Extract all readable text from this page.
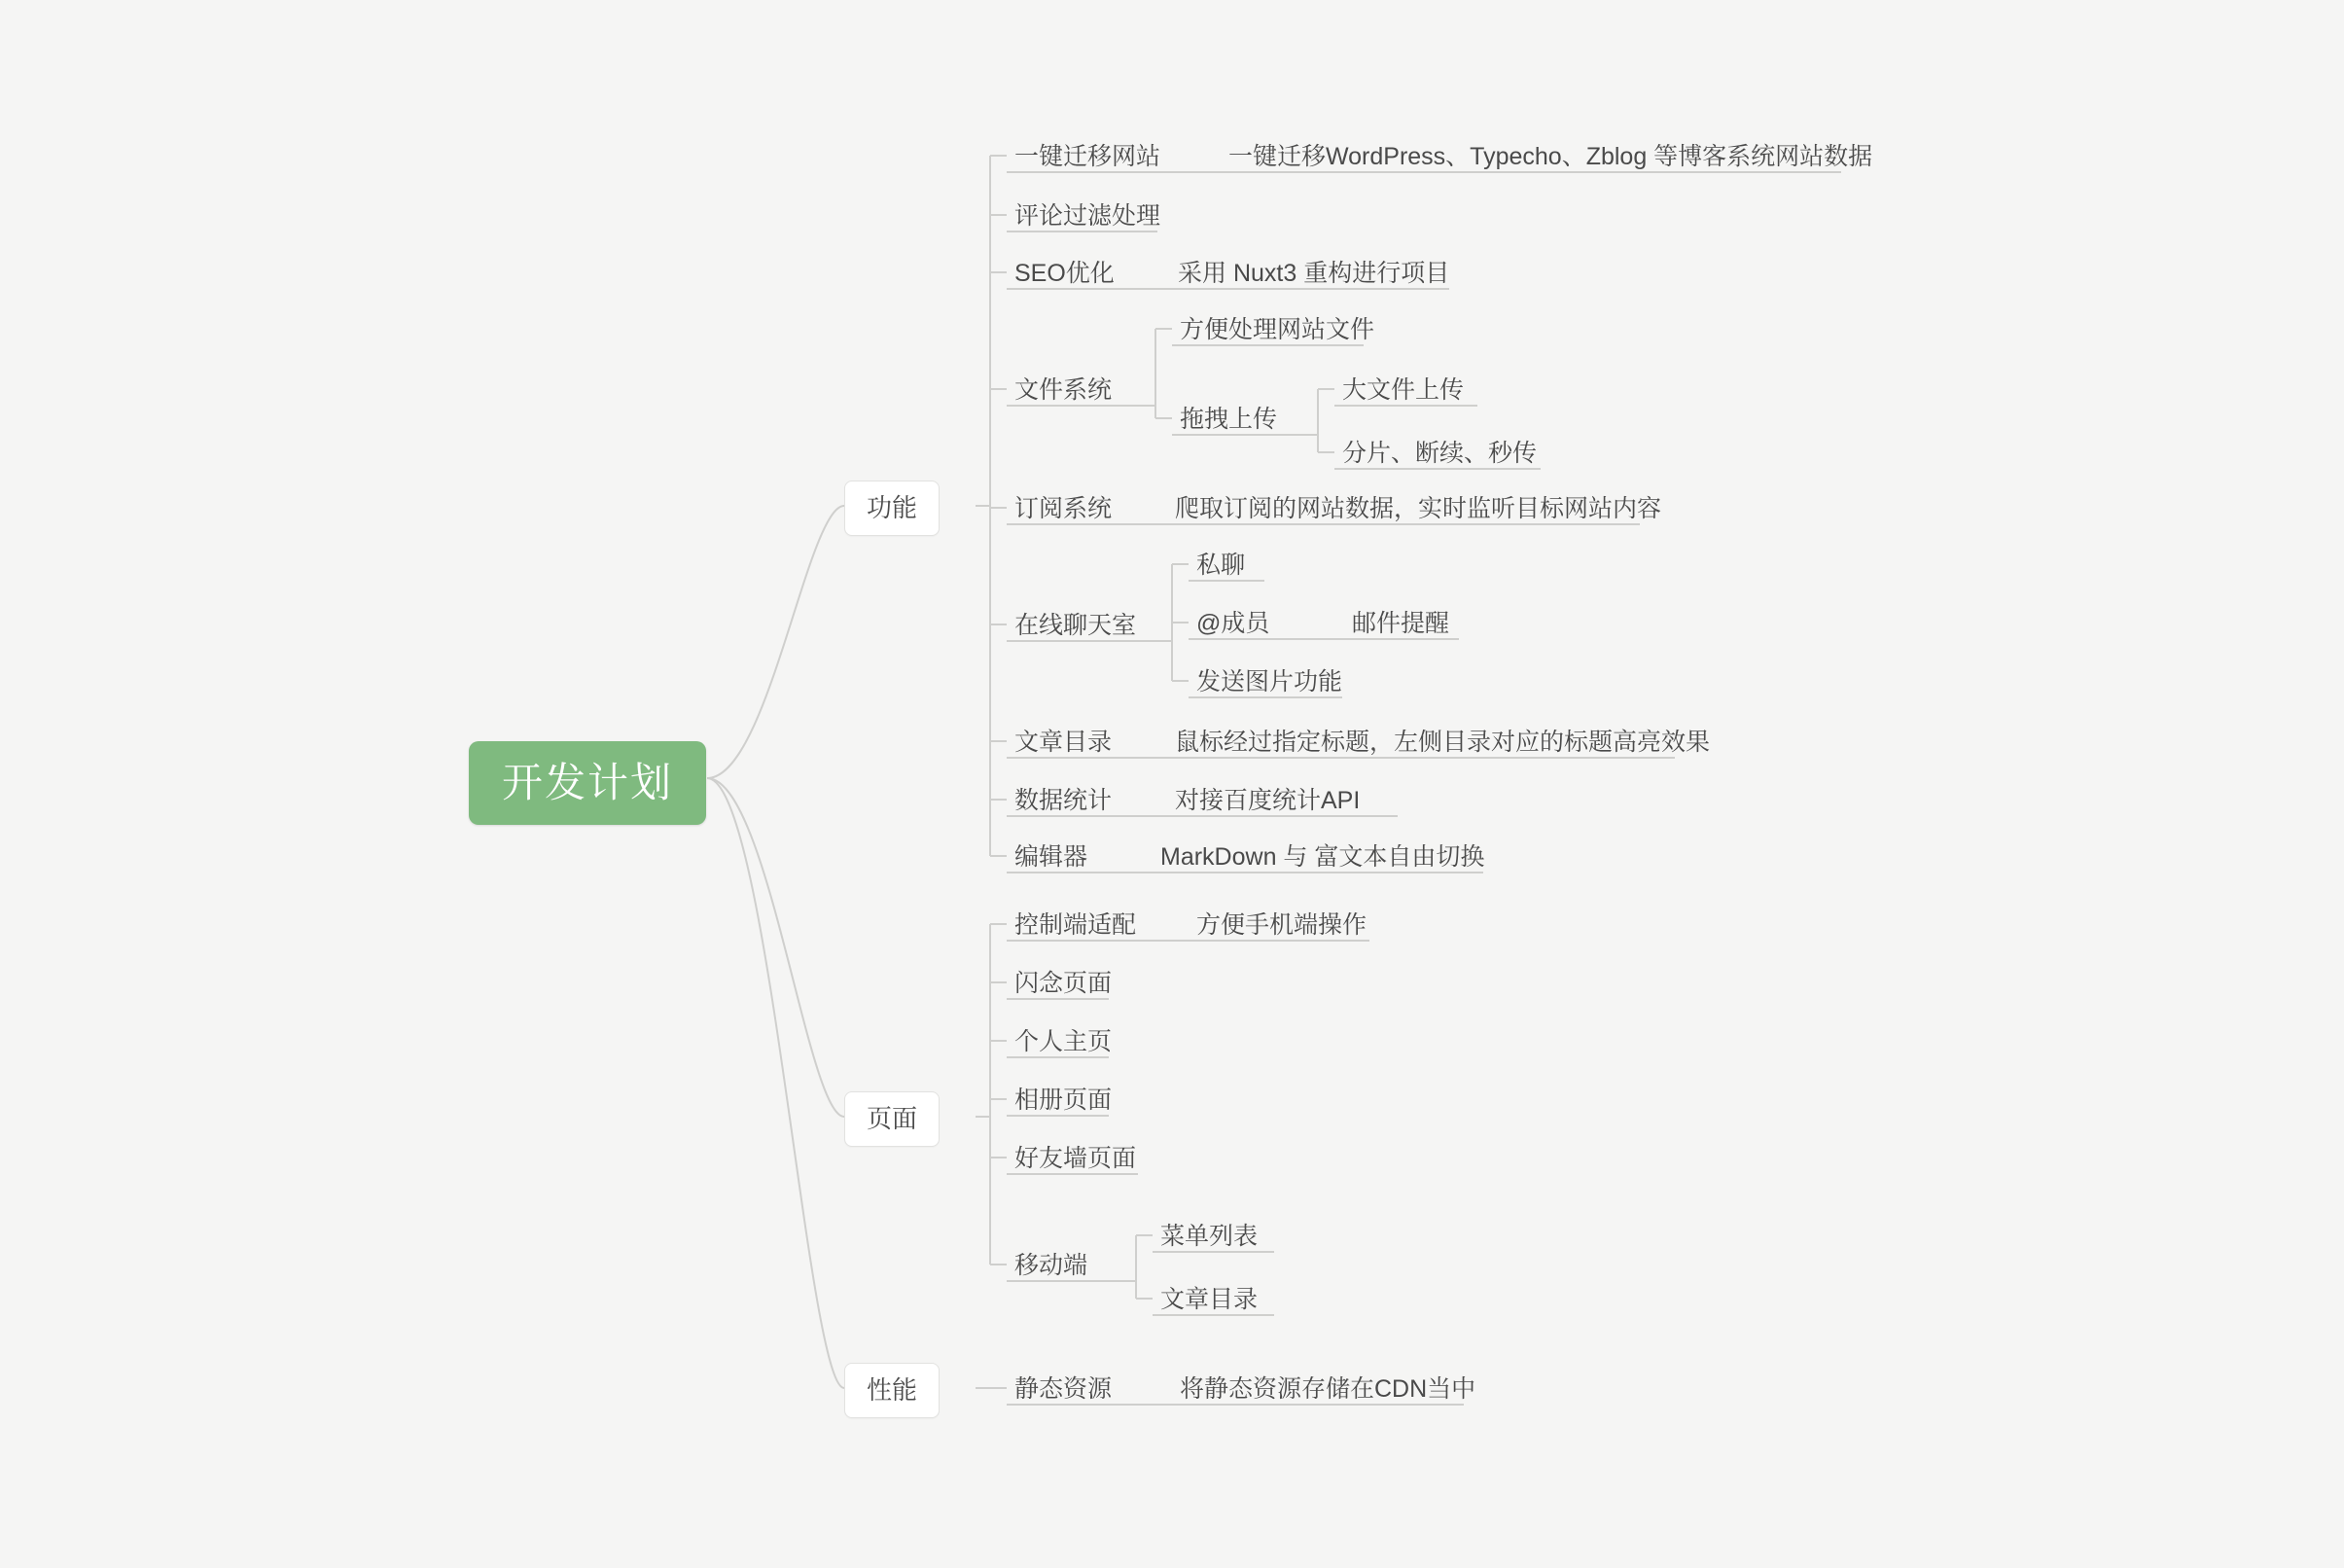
开发计划
功能
页面
性能
一键迁移网站	一键迁移WordPress、Typecho、Zblog 等博客系统网站数据
评论过滤处理
SEO优化	采用 Nuxt3 重构进行项目
文件系统
方便处理网站文件
拖拽上传
大文件上传
分片、断续、秒传
订阅系统	爬取订阅的网站数据，实时监听目标网站内容
在线聊天室
私聊
@成员	邮件提醒
发送图片功能
文章目录	鼠标经过指定标题，左侧目录对应的标题高亮效果
数据统计	对接百度统计API
编辑器	MarkDown 与 富文本自由切换
控制端适配	方便手机端操作
闪念页面
个人主页
相册页面
好友墙页面
移动端
菜单列表
文章目录
静态资源	将静态资源存储在CDN当中
